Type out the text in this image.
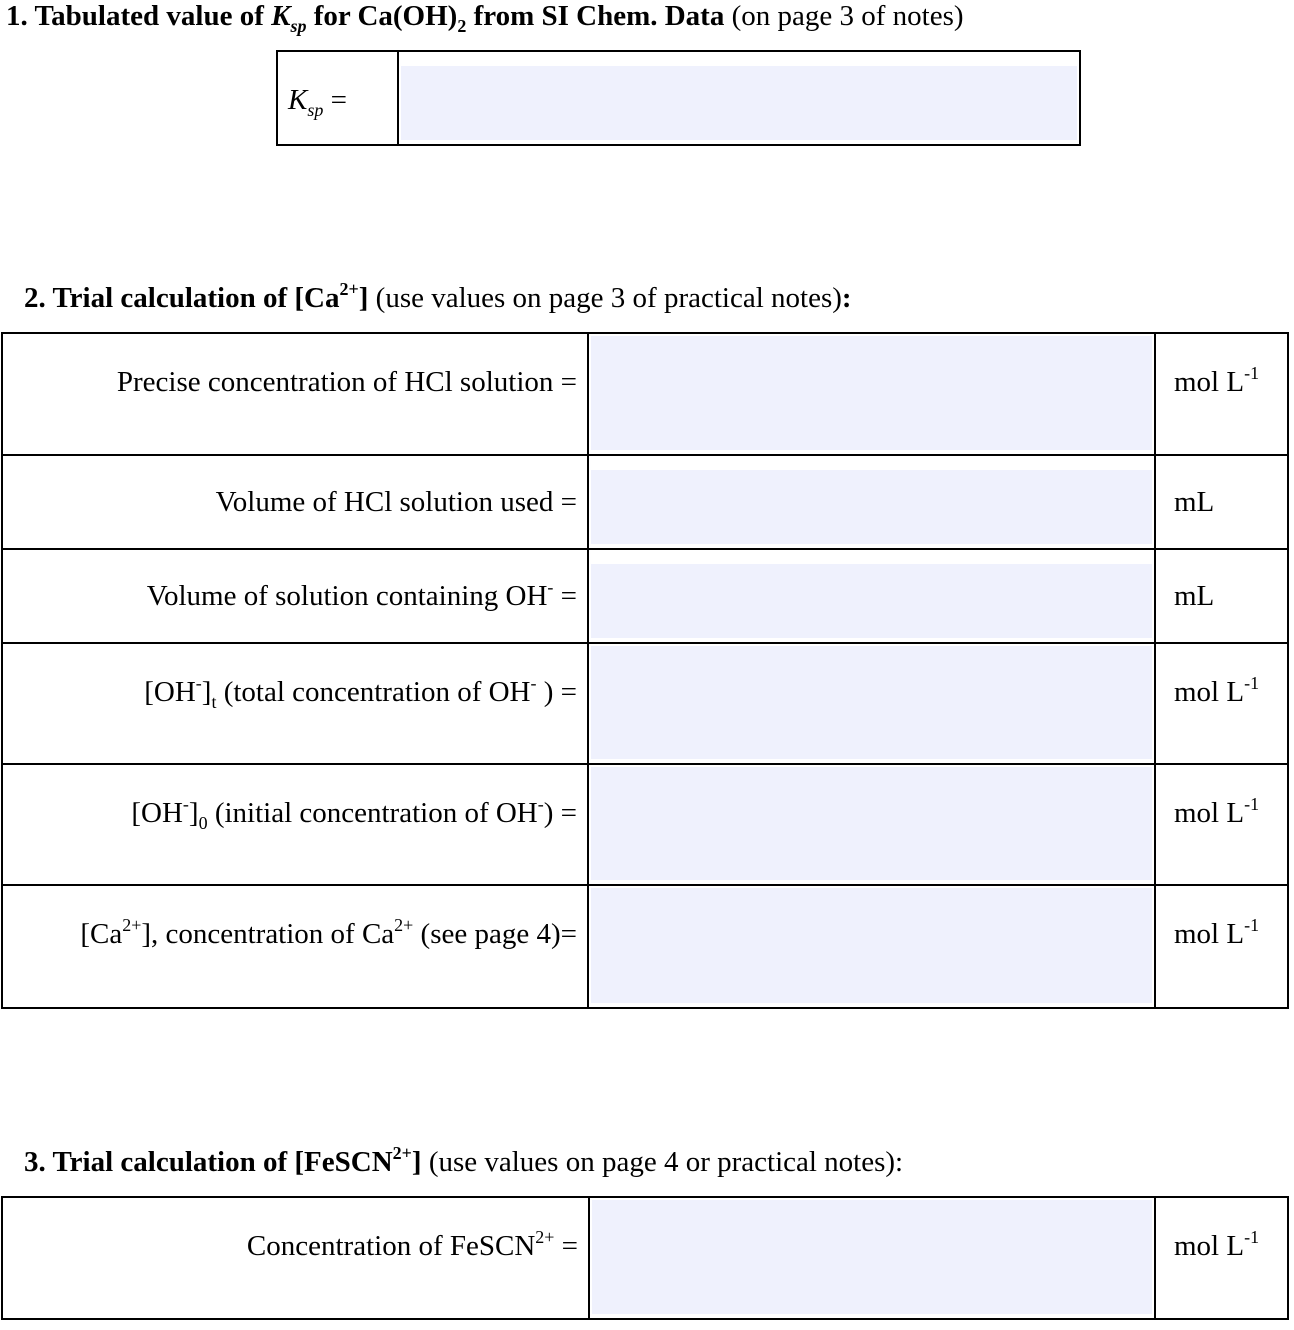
1. Tabulated value of $K_{sp}$ for $Ca(OH)_2$ from SI Chem. Data (on page 3 of notes)
$K_{sp}$ =	
2. Trial calculation of $[Ca^{2+}]$ (use values on page 3 of practical notes):
Precise concentration of HCl solution =		mol $L^{-1}$
Volume of HCl solution used =		mL
Volume of solution containing OH- =		mL
$[OH^-]_t$ (total concentration of OH- ) =		mol $L^{-1}$
$[OH^-]_0$ (initial concentration of OH-) =		mol $L^{-1}$
$[Ca^{2+}]$, concentration of $Ca^{2+}$ (see page 4)=		mol $L^{-1}$
3. Trial calculation of [FeSCN$^{2+}$] (use values on page 4 or practical notes):
Concentration of FeSCN$^{2+}$ =		mol $L^{-1}$
